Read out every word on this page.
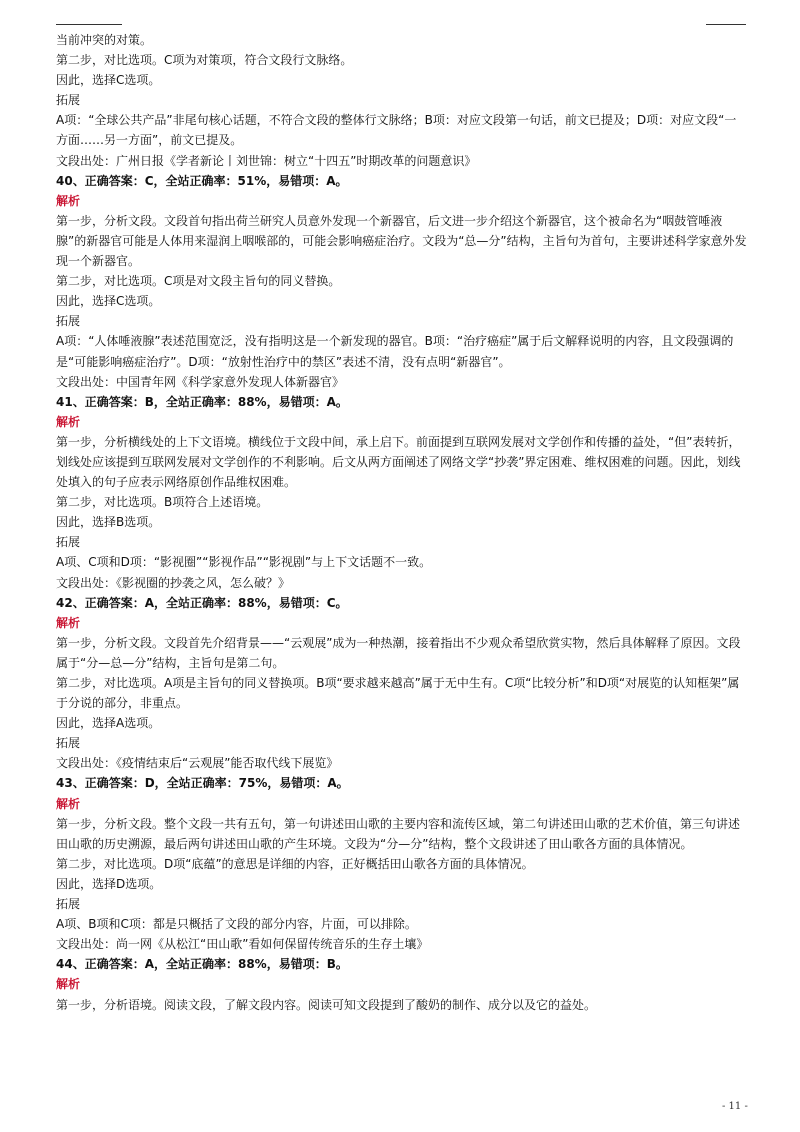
当前冲突的对策。

第二步，对比选项。C项为对策项，符合文段行文脉络。

因此，选择C选项。

拓展

A项：“全球公共产品”非尾句核心话题，不符合文段的整体行文脉络；B项：对应文段第一句话，前文已提及；D项：对应文段“一方面……另一方面”，前文已提及。

文段出处：广州日报《学者新论丨刘世锦：树立“十四五”时期改革的问题意识》

40、正确答案：C，全站正确率：51%，易错项：A。

解析

第一步，分析文段。文段首句指出荷兰研究人员意外发现一个新器官，后文进一步介绍这个新器官，这个被命名为“咽鼓管唾液腺”的新器官可能是人体用来湿润上咽喉部的，可能会影响癌症治疗。文段为“总—分”结构，主旨句为首句，主要讲述科学家意外发现一个新器官。

第二步，对比选项。C项是对文段主旨句的同义替换。

因此，选择C选项。

拓展

A项：“人体唾液腺”表述范围宽泛，没有指明这是一个新发现的器官。B项：“治疗癌症”属于后文解释说明的内容，且文段强调的是“可能影响癌症治疗”。D项：“放射性治疗中的禁区”表述不清，没有点明“新器官”。

文段出处：中国青年网《科学家意外发现人体新器官》

41、正确答案：B，全站正确率：88%，易错项：A。

解析

第一步，分析横线处的上下文语境。横线位于文段中间，承上启下。前面提到互联网发展对文学创作和传播的益处，“但”表转折，划线处应该提到互联网发展对文学创作的不利影响。后文从两方面阐述了网络文学“抄袭”界定困难、维权困难的问题。因此，划线处填入的句子应表示网络原创作品维权困难。

第二步，对比选项。B项符合上述语境。

因此，选择B选项。

拓展

A项、C项和D项：“影视圈”“影视作品”“影视剧”与上下文话题不一致。

文段出处：《影视圈的抄袭之风，怎么破？》

42、正确答案：A，全站正确率：88%，易错项：C。

解析

第一步，分析文段。文段首先介绍背景——“云观展”成为一种热潮，接着指出不少观众希望欣赏实物，然后具体解释了原因。文段属于“分—总—分”结构，主旨句是第二句。

第二步，对比选项。A项是主旨句的同义替换项。B项“要求越来越高”属于无中生有。C项“比较分析”和D项“对展览的认知框架”属于分说的部分，非重点。

因此，选择A选项。

拓展

文段出处：《疫情结束后“云观展”能否取代线下展览》

43、正确答案：D，全站正确率：75%，易错项：A。

解析

第一步，分析文段。整个文段一共有五句，第一句讲述田山歌的主要内容和流传区域，第二句讲述田山歌的艺术价值，第三句讲述田山歌的历史溯源，最后两句讲述田山歌的产生环境。文段为“分—分”结构，整个文段讲述了田山歌各方面的具体情况。

第二步，对比选项。D项“底蕴”的意思是详细的内容，正好概括田山歌各方面的具体情况。

因此，选择D选项。

拓展

A项、B项和C项：都是只概括了文段的部分内容，片面，可以排除。

文段出处：尚一网《从松江“田山歌”看如何保留传统音乐的生存土壤》

44、正确答案：A，全站正确率：88%，易错项：B。

解析

第一步，分析语境。阅读文段，了解文段内容。阅读可知文段提到了酸奶的制作、成分以及它的益处。

- 11 -
